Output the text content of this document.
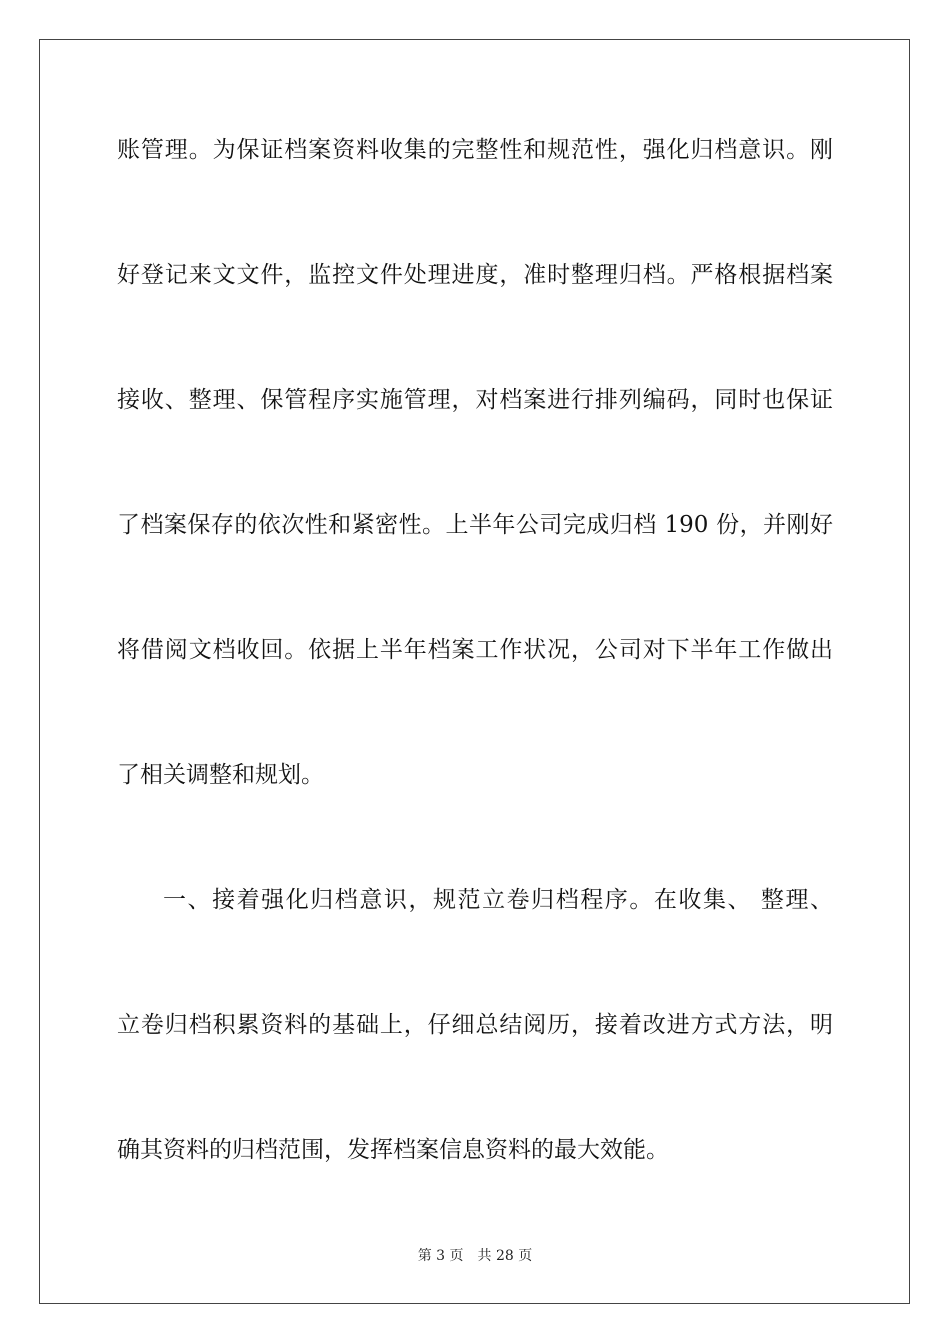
账管理。为保证档案资料收集的完整性和规范性，强化归档意识。刚
好登记来文文件，监控文件处理进度，准时整理归档。严格根据档案
接收、整理、保管程序实施管理，对档案进行排列编码，同时也保证
了档案保存的依次性和紧密性。上半年公司完成归档 190 份，并刚好
将借阅文档收回。依据上半年档案工作状况，公司对下半年工作做出
了相关调整和规划。
一、接着强化归档意识，规范立卷归档程序。在收集、 整理、
立卷归档积累资料的基础上，仔细总结阅历，接着改进方式方法，明
确其资料的归档范围，发挥档案信息资料的最大效能。
第 3 页 共 28 页
